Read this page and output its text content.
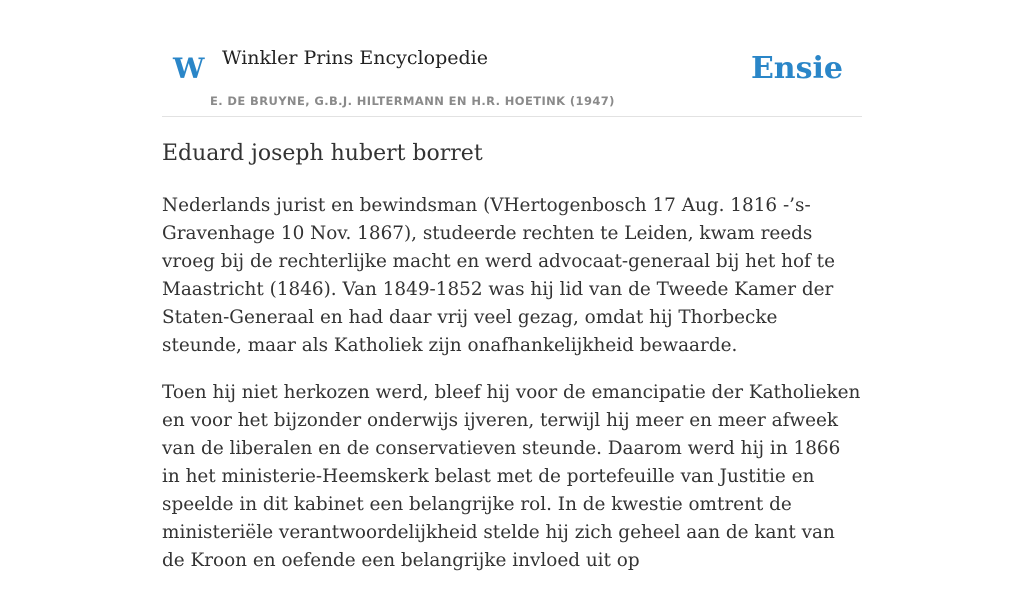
W Winkler Prins Encyclopedie
E. DE BRUYNE, G.B.J. HILTERMANN EN H.R. HOETINK (1947)
Ensie
Eduard joseph hubert borret

Nederlands jurist en bewindsman (VHertogenbosch 17 Aug. 1816 -’s-Gravenhage 10 Nov. 1867), studeerde rechten te Leiden, kwam reeds vroeg bij de rechterlijke macht en werd advocaat-generaal bij het hof te Maastricht (1846). Van 1849-1852 was hij lid van de Tweede Kamer der Staten-Generaal en had daar vrij veel gezag, omdat hij Thorbecke steunde, maar als Katholiek zijn onafhankelijkheid bewaarde.

Toen hij niet herkozen werd, bleef hij voor de emancipatie der Katholieken en voor het bijzonder onderwijs ijveren, terwijl hij meer en meer afweek van de liberalen en de conservatieven steunde. Daarom werd hij in 1866 in het ministerie-Heemskerk belast met de portefeuille van Justitie en speelde in dit kabinet een belangrijke rol. In de kwestie omtrent de ministeriële verantwoordelijkheid stelde hij zich geheel aan de kant van de Kroon en oefende een belangrijke invloed uit op
